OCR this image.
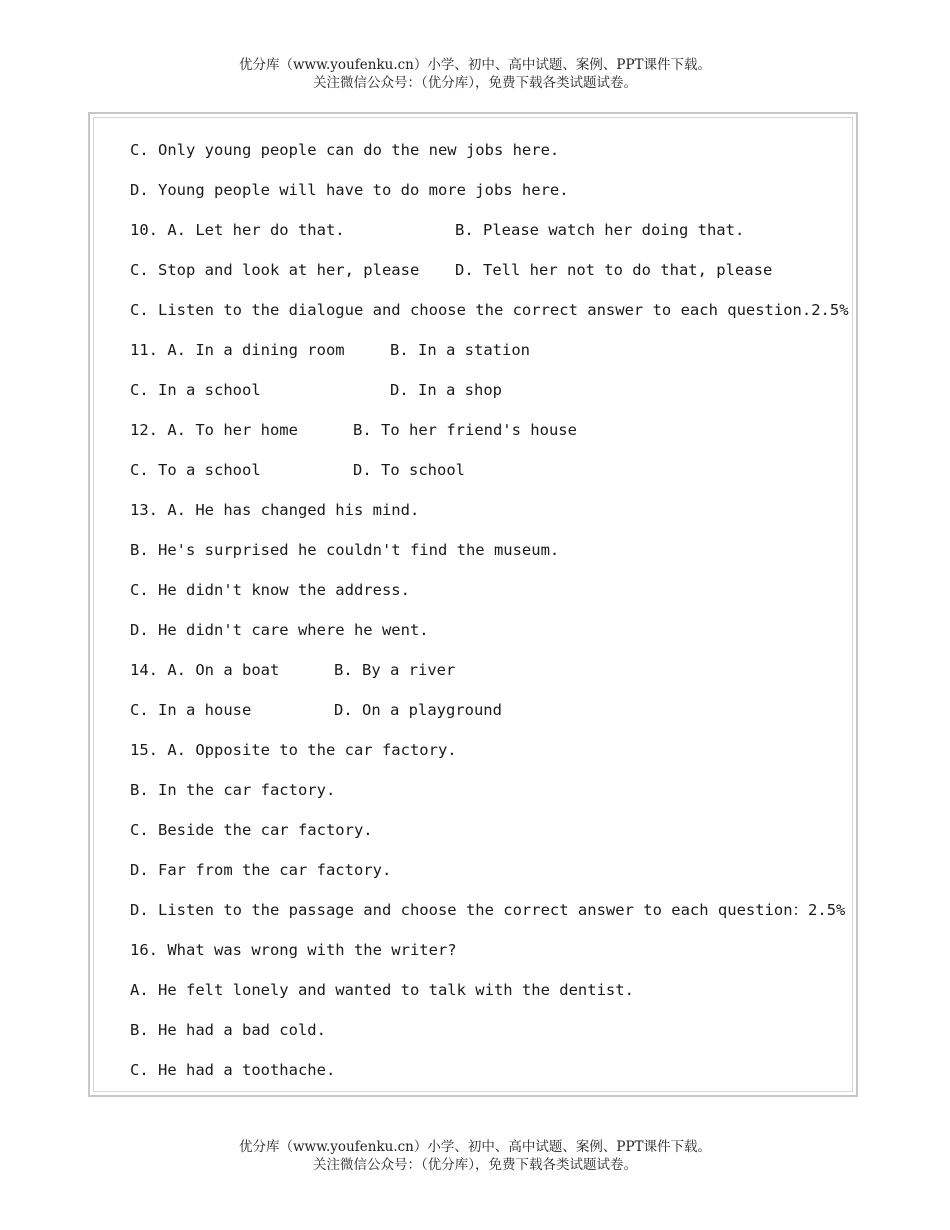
优分库（www.youfenku.cn）小学、初中、高中试题、案例、PPT课件下载。
关注微信公众号：（优分库），免费下载各类试题试卷。
C. Only young people can do the new jobs here.
D. Young people will have to do more jobs here.
10. A. Let her do that.	B. Please watch her doing that.
C. Stop and look at her, please D. Tell her not to do that, please
C. Listen to the dialogue and choose the correct answer to each question.2.5%
11. A. In a dining room	B. In a station
C. In a school	D. In a shop
12. A. To her home	B. To her friend's house
C. To a school	D. To school
13. A. He has changed his mind.
B. He's surprised he couldn't find the museum.
C. He didn't know the address.
D. He didn't care where he went.
14. A. On a boat	B. By a river
C. In a house	D. On a playground
15. A. Opposite to the car factory.
B. In the car factory.
C. Beside the car factory.
D. Far from the car factory.
D. Listen to the passage and choose the correct answer to each question：2.5%
16. What was wrong with the writer?
A. He felt lonely and wanted to talk with the dentist.
B. He had a bad cold.
C. He had a toothache.
优分库（www.youfenku.cn）小学、初中、高中试题、案例、PPT课件下载。
关注微信公众号：（优分库），免费下载各类试题试卷。
